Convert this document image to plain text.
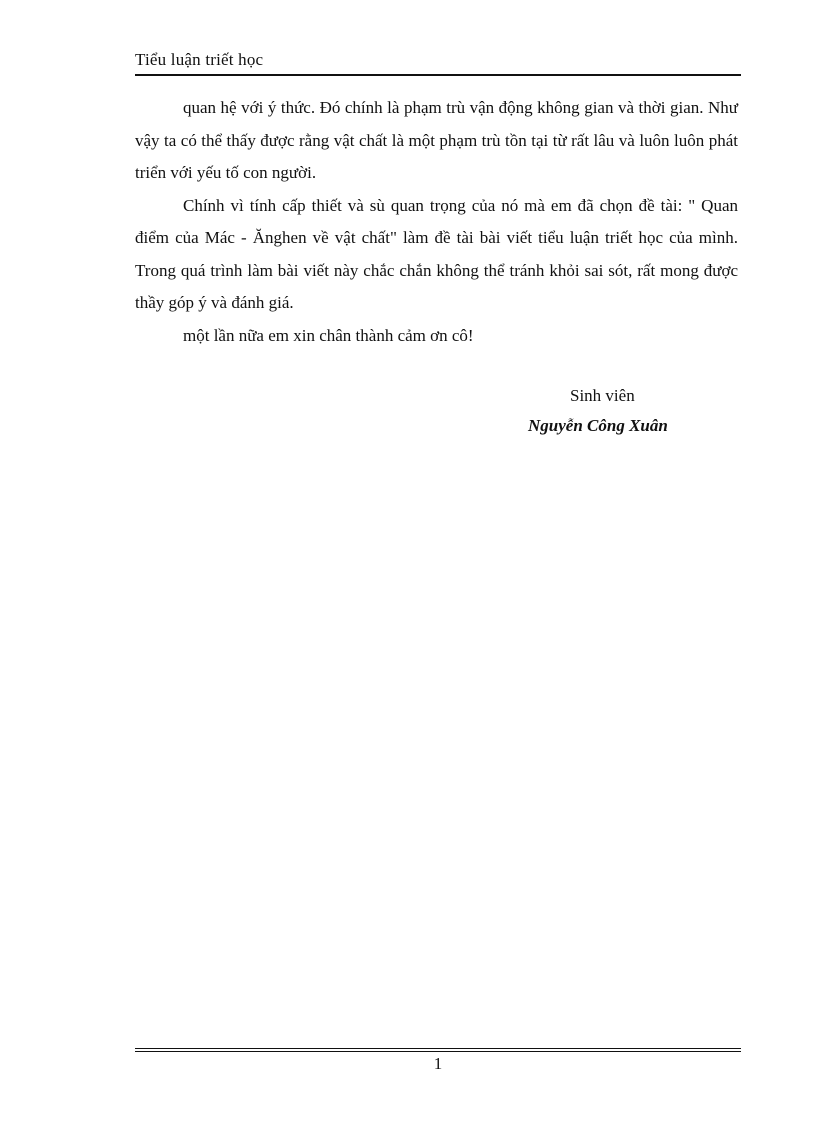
Tiểu luận triết học

quan hệ với ý thức. Đó chính là phạm trù vận động không gian và thời gian. Như vậy ta có thể thấy được rằng vật chất là một phạm trù tồn tại từ rất lâu và luôn luôn phát triển với yếu tố con người.

Chính vì tính cấp thiết và sù quan trọng của nó mà em đã chọn đề tài: " Quan điểm của Mác - Ănghen về vật chất" làm đề tài bài viết tiểu luận triết học của mình. Trong quá trình làm bài viết này chắc chắn không thể tránh khỏi sai sót, rất mong được thầy góp ý và đánh giá.

một lần nữa em xin chân thành cảm ơn cô!

Sinh viên
Nguyễn Công Xuân
1
